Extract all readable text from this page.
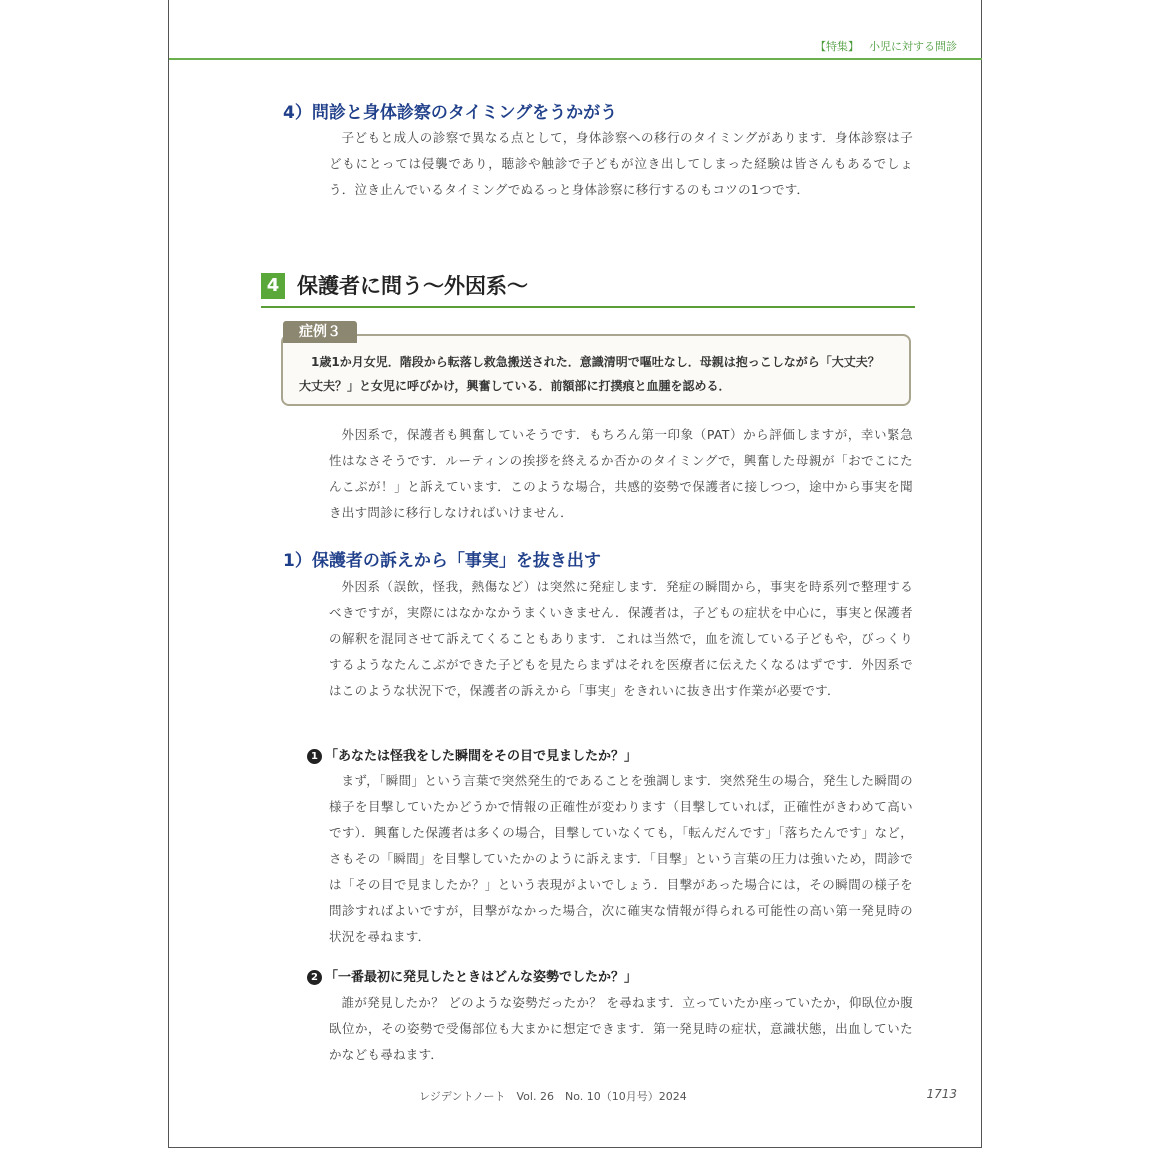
【特集】 小児に対する問診
4）問診と身体診察のタイミングをうかがう

子どもと成人の診察で異なる点として，身体診察への移行のタイミングがあります．身体診察は子どもにとっては侵襲であり，聴診や触診で子どもが泣き出してしまった経験は皆さんもあるでしょう．泣き止んでいるタイミングでぬるっと身体診察に移行するのもコツの1つです．

4 保護者に問う〜外因系〜
1歳1か月女児．階段から転落し救急搬送された．意識清明で嘔吐なし．母親は抱っこしながら「大丈夫？ 大丈夫？」と女児に呼びかけ，興奮している．前額部に打撲痕と血腫を認める．
症例３

外因系で，保護者も興奮していそうです．もちろん第一印象（PAT）から評価しますが，幸い緊急性はなさそうです．ルーティンの挨拶を終えるか否かのタイミングで，興奮した母親が「おでこにたんこぶが！」と訴えています．このような場合，共感的姿勢で保護者に接しつつ，途中から事実を聞き出す問診に移行しなければいけません．

1）保護者の訴えから「事実」を抜き出す

外因系（誤飲，怪我，熱傷など）は突然に発症します．発症の瞬間から，事実を時系列で整理するべきですが，実際にはなかなかうまくいきません．保護者は，子どもの症状を中心に，事実と保護者の解釈を混同させて訴えてくることもあります．これは当然で，血を流している子どもや，びっくりするようなたんこぶができた子どもを見たらまずはそれを医療者に伝えたくなるはずです．外因系ではこのような状況下で，保護者の訴えから「事実」をきれいに抜き出す作業が必要です．

1 「あなたは怪我をした瞬間をその目で見ましたか？」

まず，「瞬間」という言葉で突然発生的であることを強調します．突然発生の場合，発生した瞬間の様子を目撃していたかどうかで情報の正確性が変わります（目撃していれば，正確性がきわめて高いです）．興奮した保護者は多くの場合，目撃していなくても，「転んだんです」「落ちたんです」など，さもその「瞬間」を目撃していたかのように訴えます．「目撃」という言葉の圧力は強いため，問診では「その目で見ましたか？」という表現がよいでしょう．目撃があった場合には，その瞬間の様子を問診すればよいですが，目撃がなかった場合，次に確実な情報が得られる可能性の高い第一発見時の状況を尋ねます．

2 「一番最初に発見したときはどんな姿勢でしたか？」

誰が発見したか？ どのような姿勢だったか？ を尋ねます．立っていたか座っていたか，仰臥位か腹臥位か，その姿勢で受傷部位も大まかに想定できます．第一発見時の症状，意識状態，出血していたかなども尋ねます．

レジデントノート　Vol. 26　No. 10（10月号）2024	1713
